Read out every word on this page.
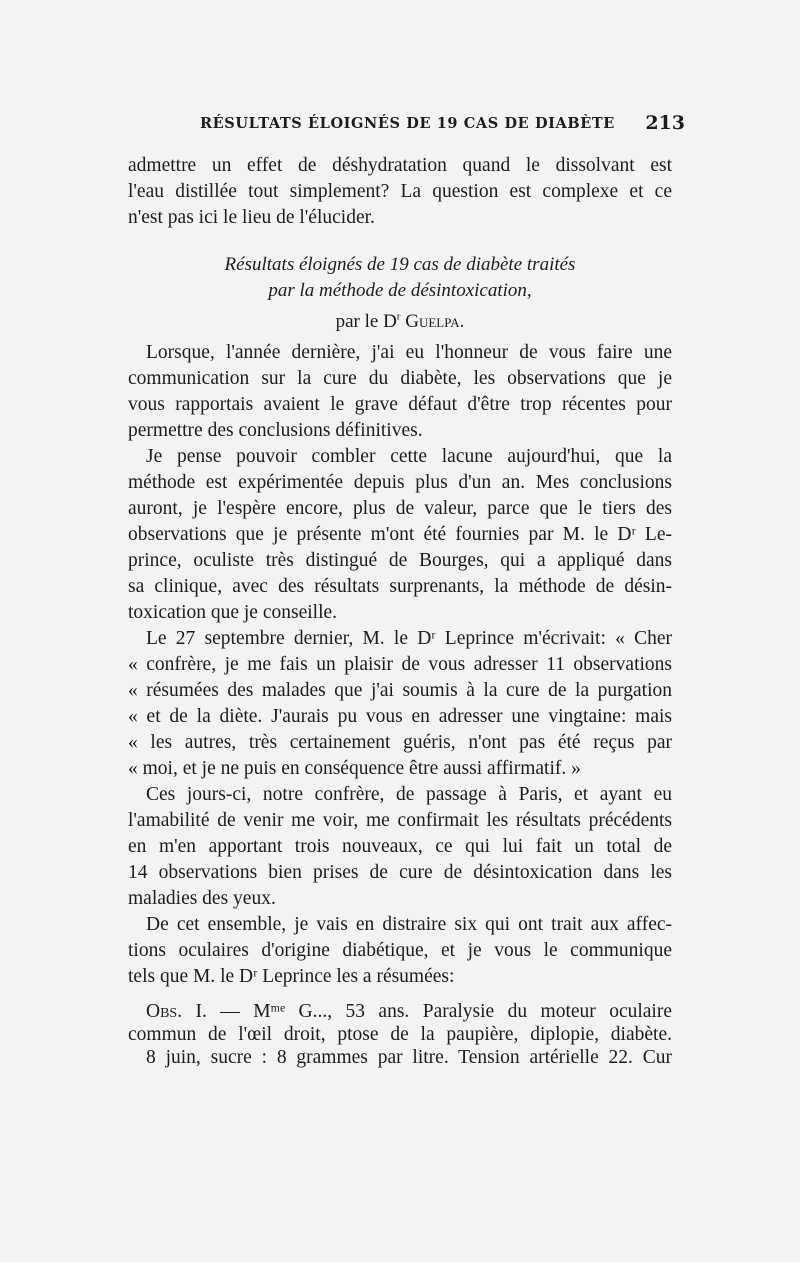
RÉSULTATS ÉLOIGNÉS DE 19 CAS DE DIABÈTE 213
admettre un effet de déshydratation quand le dissolvant est
l'eau distillée tout simplement? La question est complexe et ce
n'est pas ici le lieu de l'élucider.
Résultats éloignés de 19 cas de diabète traités
par la méthode de désintoxication,
par le $D^r$ Guelpa.
Lorsque, l'année dernière, j'ai eu l'honneur de vous faire une
communication sur la cure du diabète, les observations que je
vous rapportais avaient le grave défaut d'être trop récentes pour
permettre des conclusions définitives.
Je pense pouvoir combler cette lacune aujourd'hui, que la
méthode est expérimentée depuis plus d'un an. Mes conclusions
auront, je l'espère encore, plus de valeur, parce que le tiers des
observations que je présente m'ont été fournies par M. le Dʳ Le-
prince, oculiste très distingué de Bourges, qui a appliqué dans
sa clinique, avec des résultats surprenants, la méthode de désin-
toxication que je conseille.
Le 27 septembre dernier, M. le Dʳ Leprince m'écrivait: « Cher
« confrère, je me fais un plaisir de vous adresser 11 observations
« résumées des malades que j'ai soumis à la cure de la purgation
« et de la diète. J'aurais pu vous en adresser une vingtaine: mais
« les autres, très certainement guéris, n'ont pas été reçus par
« moi, et je ne puis en conséquence être aussi affirmatif. »
Ces jours-ci, notre confrère, de passage à Paris, et ayant eu
l'amabilité de venir me voir, me confirmait les résultats précédents
en m'en apportant trois nouveaux, ce qui lui fait un total de
14 observations bien prises de cure de désintoxication dans les
maladies des yeux.
De cet ensemble, je vais en distraire six qui ont trait aux affec-
tions oculaires d'origine diabétique, et je vous le communique
tels que M. le Dʳ Leprince les a résumées:
Obs. I. — Mᵐᵉ G..., 53 ans. Paralysie du moteur oculaire
commun de l'œil droit, ptose de la paupière, diplopie, diabète.
8 juin, sucre : 8 grammes par litre. Tension artérielle 22. Cur
